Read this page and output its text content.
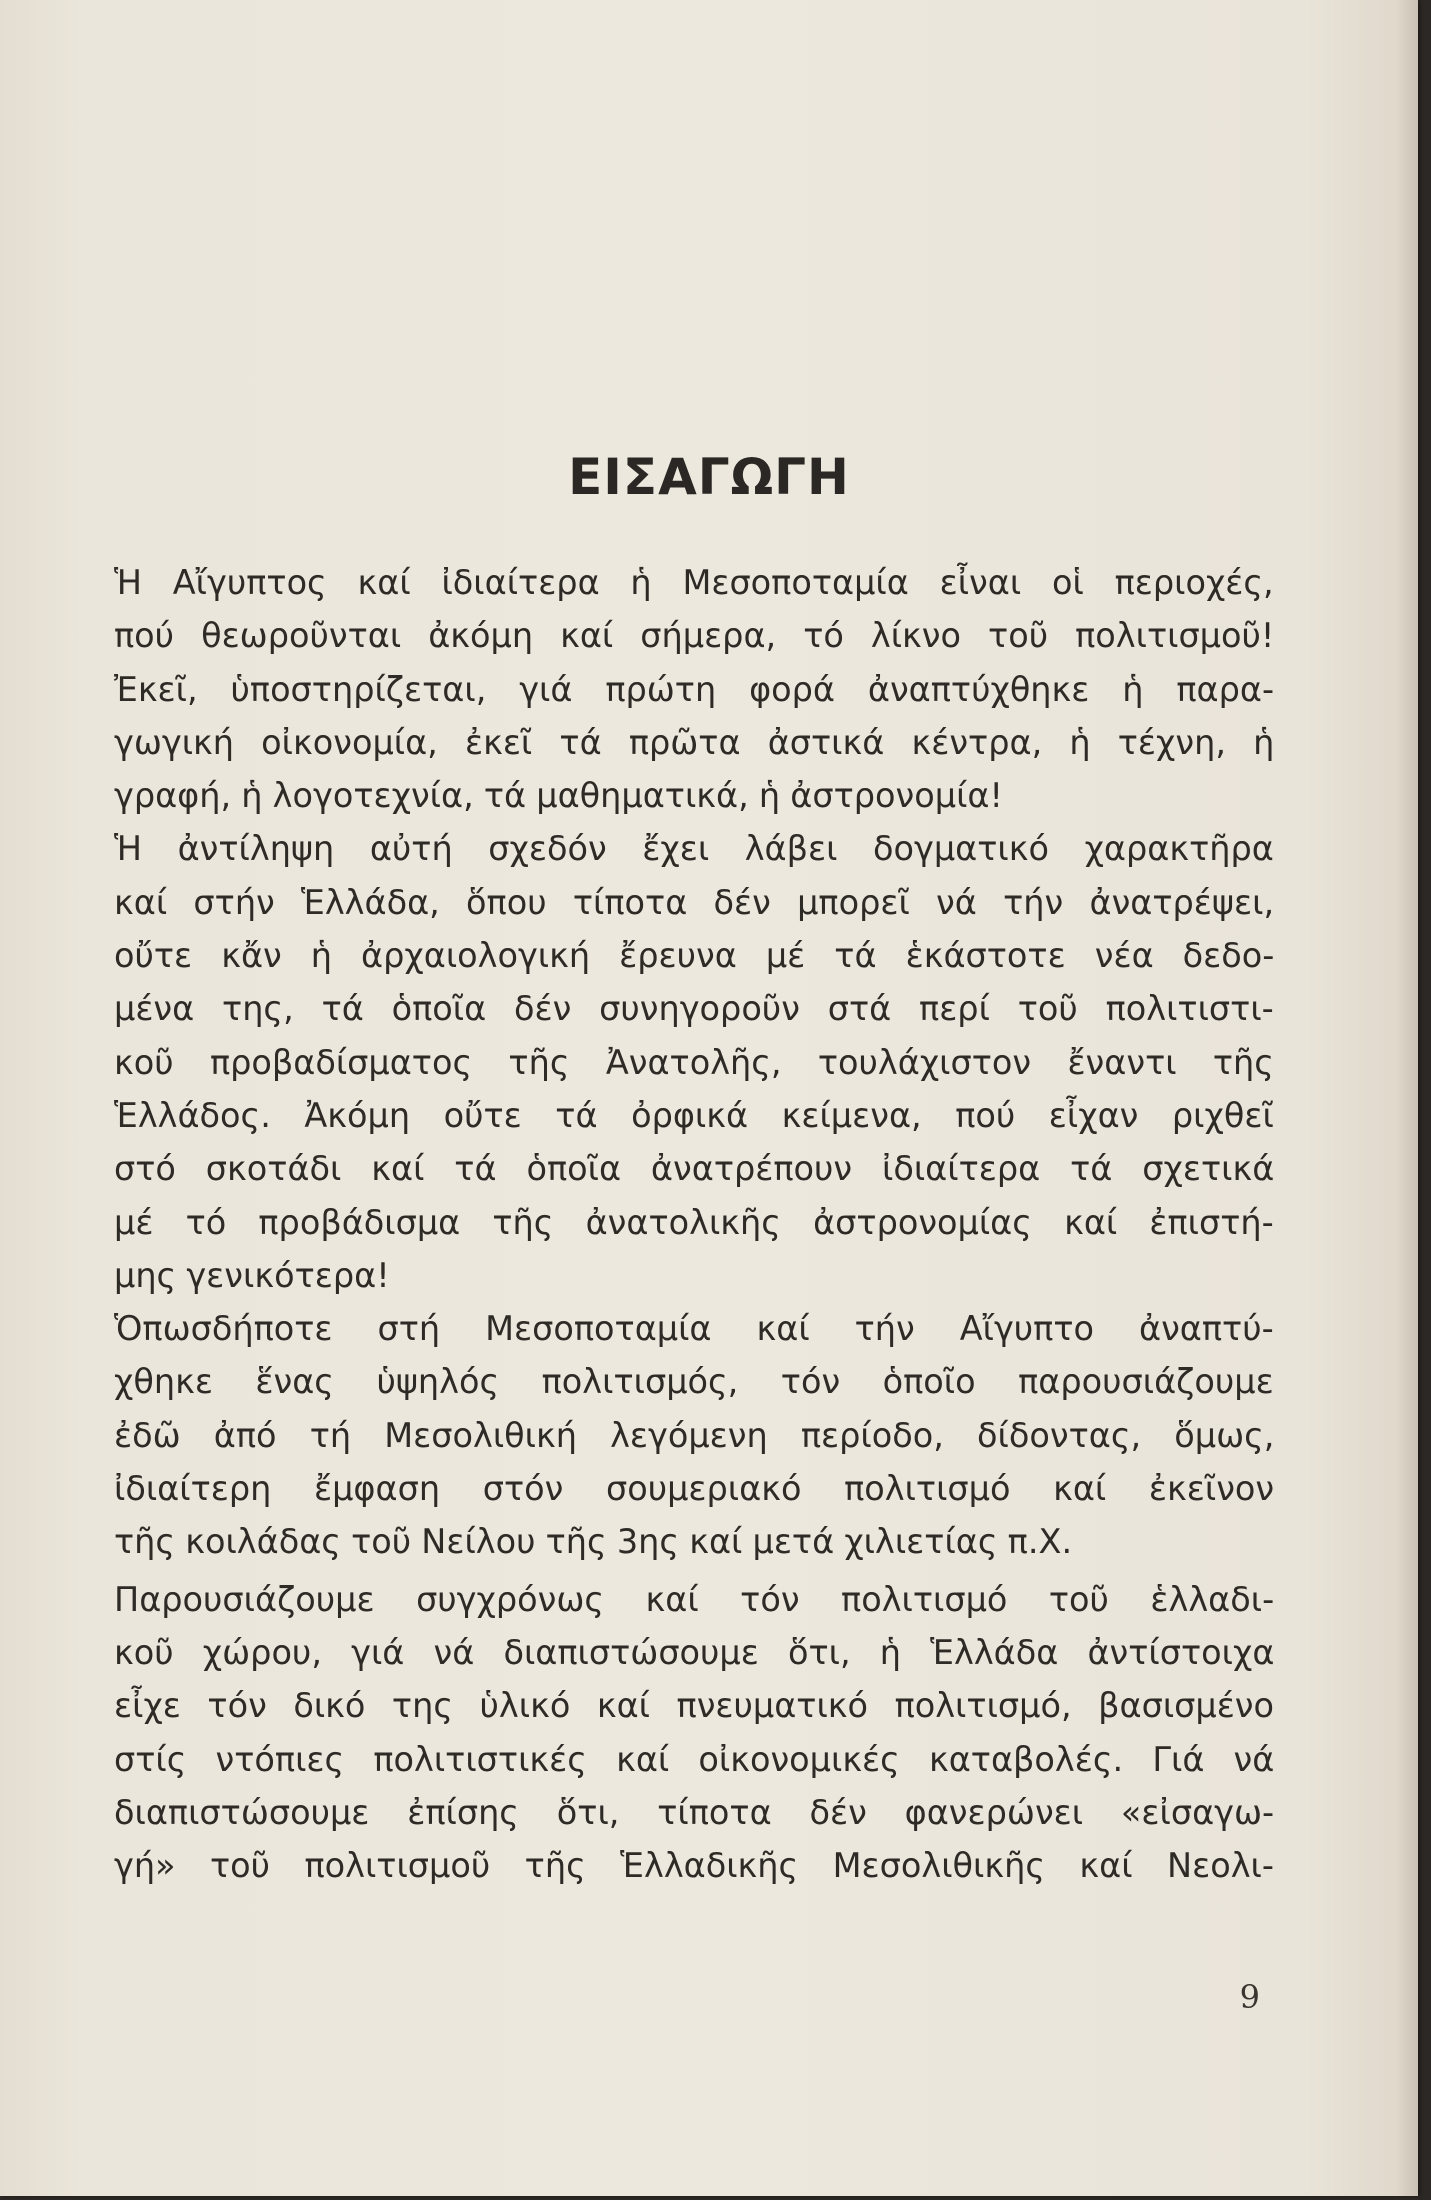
ΕΙΣΑΓΩΓΗ
Ἡ Αἴγυπτος καί ἰδιαίτερα ἡ Μεσοποταμία εἶναι οἱ περιοχές,
πού θεωροῦνται ἀκόμη καί σήμερα, τό λίκνο τοῦ πολιτισμοῦ!
Ἐκεῖ, ὑποστηρίζεται, γιά πρώτη φορά ἀναπτύχθηκε ἡ παρα-
γωγική οἰκονομία, ἐκεῖ τά πρῶτα ἀστικά κέντρα, ἡ τέχνη, ἡ
γραφή, ἡ λογοτεχνία, τά μαθηματικά, ἡ ἀστρονομία!
Ἡ ἀντίληψη αὐτή σχεδόν ἔχει λάβει δογματικό χαρακτῆρα
καί στήν Ἑλλάδα, ὅπου τίποτα δέν μπορεῖ νά τήν ἀνατρέψει,
οὔτε κἄν ἡ ἀρχαιολογική ἔρευνα μέ τά ἑκάστοτε νέα δεδο-
μένα της, τά ὁποῖα δέν συνηγοροῦν στά περί τοῦ πολιτιστι-
κοῦ προβαδίσματος τῆς Ἀνατολῆς, τουλάχιστον ἔναντι τῆς
Ἑλλάδος. Ἀκόμη οὔτε τά ὀρφικά κείμενα, πού εἶχαν ριχθεῖ
στό σκοτάδι καί τά ὁποῖα ἀνατρέπουν ἰδιαίτερα τά σχετικά
μέ τό προβάδισμα τῆς ἀνατολικῆς ἀστρονομίας καί ἐπιστή-
μης γενικότερα!
Ὁπωσδήποτε στή Μεσοποταμία καί τήν Αἴγυπτο ἀναπτύ-
χθηκε ἕνας ὑψηλός πολιτισμός, τόν ὁποῖο παρουσιάζουμε
ἐδῶ ἀπό τή Μεσολιθική λεγόμενη περίοδο, δίδοντας, ὅμως,
ἰδιαίτερη ἔμφαση στόν σουμεριακό πολιτισμό καί ἐκεῖνον
τῆς κοιλάδας τοῦ Νείλου τῆς 3ης καί μετά χιλιετίας π.Χ.
Παρουσιάζουμε συγχρόνως καί τόν πολιτισμό τοῦ ἑλλαδι-
κοῦ χώρου, γιά νά διαπιστώσουμε ὅτι, ἡ Ἑλλάδα ἀντίστοιχα
εἶχε τόν δικό της ὑλικό καί πνευματικό πολιτισμό, βασισμένο
στίς ντόπιες πολιτιστικές καί οἰκονομικές καταβολές. Γιά νά
διαπιστώσουμε ἐπίσης ὅτι, τίποτα δέν φανερώνει «εἰσαγω-
γή» τοῦ πολιτισμοῦ τῆς Ἑλλαδικῆς Μεσολιθικῆς καί Νεολι-
9
